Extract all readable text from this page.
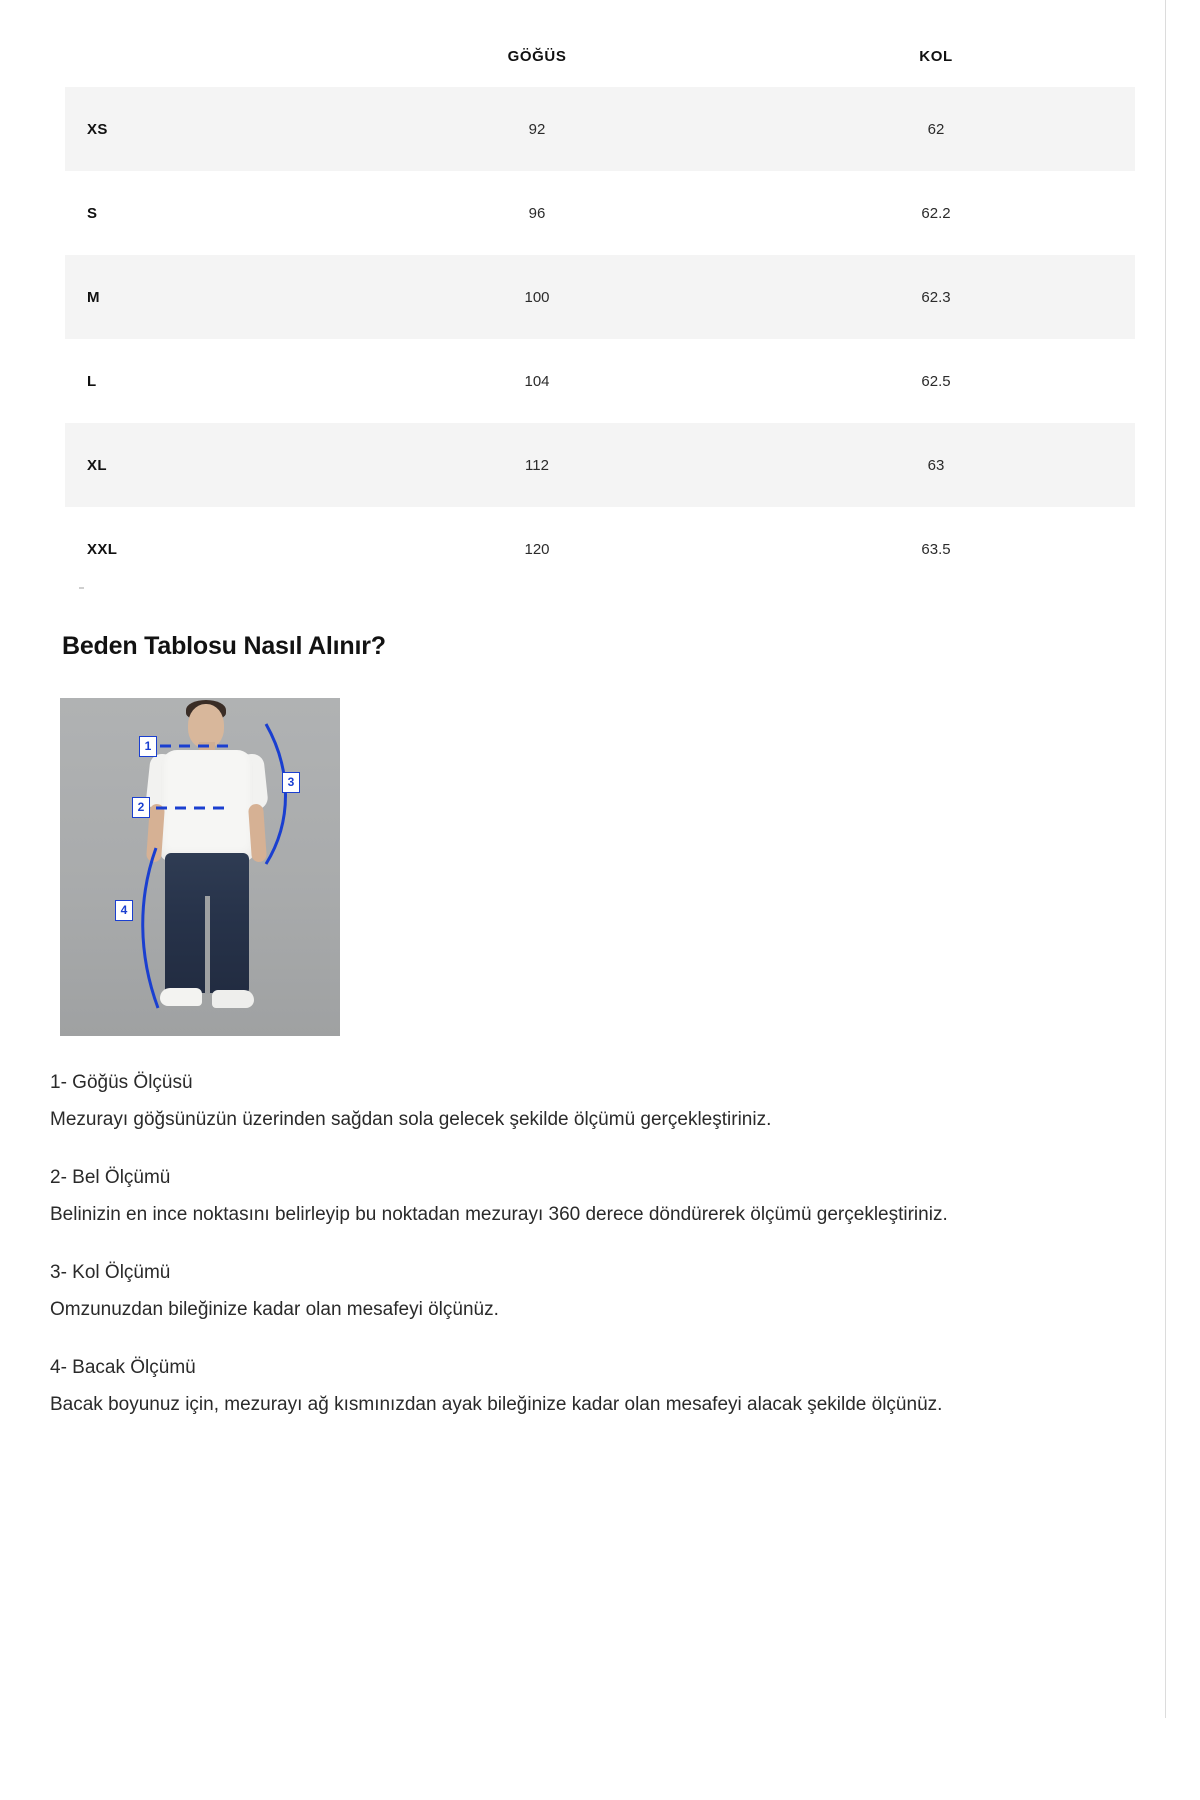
	GÖĞÜS	KOL
XS	92	62
S	96	62.2
M	100	62.3
L	104	62.5
XL	112	63
XXL	120	63.5
Beden Tablosu Nasıl Alınır?
1
2
3
4

1- Göğüs Ölçüsü

Mezurayı göğsünüzün üzerinden sağdan sola gelecek şekilde ölçümü gerçekleştiriniz.

2- Bel Ölçümü

Belinizin en ince noktasını belirleyip bu noktadan mezurayı 360 derece döndürerek ölçümü gerçekleştiriniz.

3- Kol Ölçümü

Omzunuzdan bileğinize kadar olan mesafeyi ölçünüz.

4- Bacak Ölçümü

Bacak boyunuz için, mezurayı ağ kısmınızdan ayak bileğinize kadar olan mesafeyi alacak şekilde ölçünüz.
